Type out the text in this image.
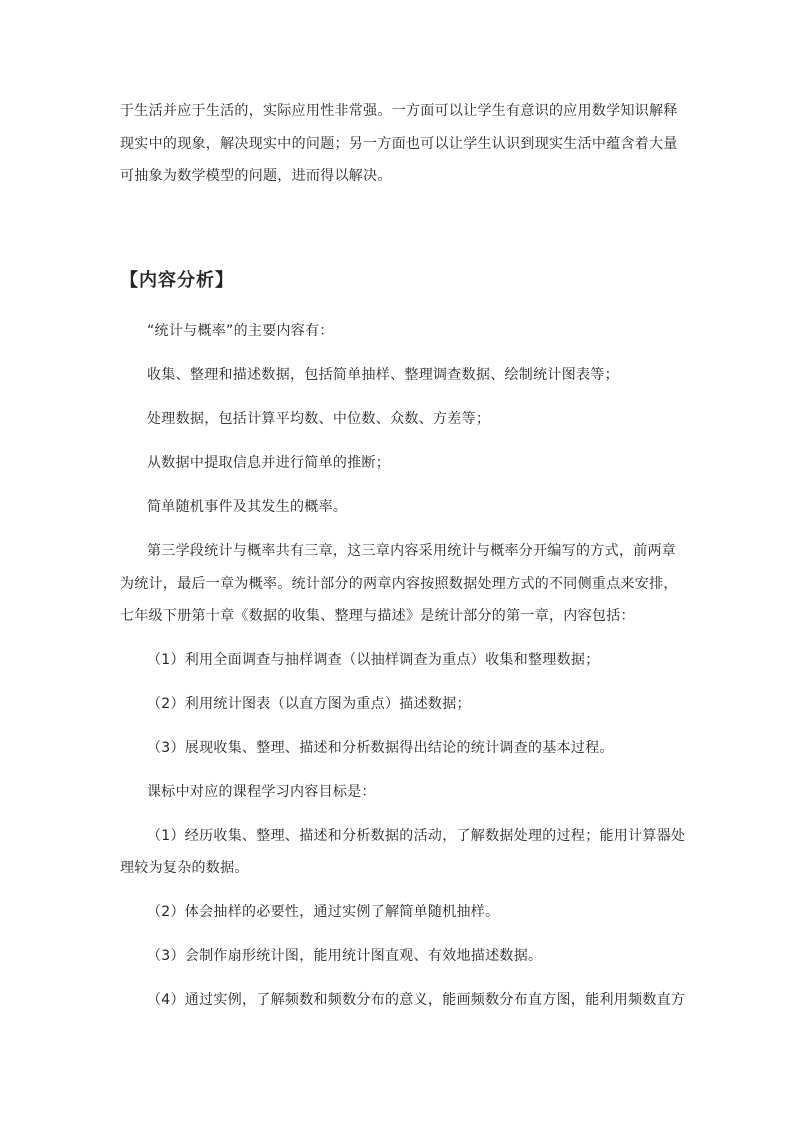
于生活并应于生活的，实际应用性非常强。一方面可以让学生有意识的应用数学知识解释
现实中的现象，解决现实中的问题；另一方面也可以让学生认识到现实生活中蕴含着大量
可抽象为数学模型的问题，进而得以解决。
【内容分析】
“统计与概率”的主要内容有：
收集、整理和描述数据，包括简单抽样、整理调查数据、绘制统计图表等；
处理数据，包括计算平均数、中位数、众数、方差等；
从数据中提取信息并进行简单的推断；
简单随机事件及其发生的概率。
第三学段统计与概率共有三章，这三章内容采用统计与概率分开编写的方式，前两章
为统计，最后一章为概率。统计部分的两章内容按照数据处理方式的不同侧重点来安排，
七年级下册第十章《数据的收集、整理与描述》是统计部分的第一章，内容包括：
（1）利用全面调查与抽样调查（以抽样调查为重点）收集和整理数据；
（2）利用统计图表（以直方图为重点）描述数据；
（3）展现收集、整理、描述和分析数据得出结论的统计调查的基本过程。
课标中对应的课程学习内容目标是：
（1）经历收集、整理、描述和分析数据的活动，了解数据处理的过程；能用计算器处
理较为复杂的数据。
（2）体会抽样的必要性，通过实例了解简单随机抽样。
（3）会制作扇形统计图，能用统计图直观、有效地描述数据。
（4）通过实例，了解频数和频数分布的意义，能画频数分布直方图，能利用频数直方
